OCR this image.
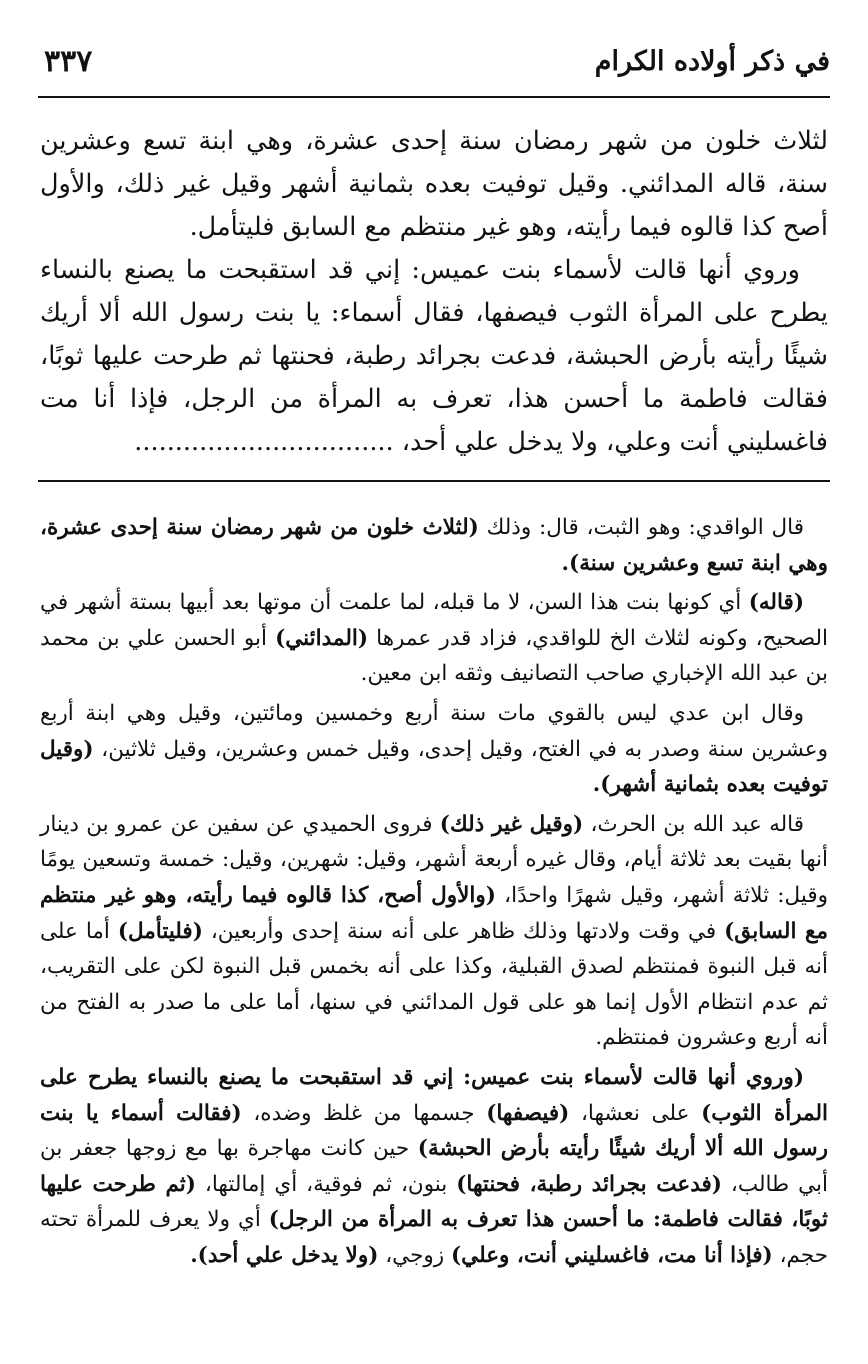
في ذكر أولاده الكرام
٣٣٧

لثلاث خلون من شهر رمضان سنة إحدى عشرة، وهي ابنة تسع وعشرين سنة، قاله المدائني. وقيل توفيت بعده بثمانية أشهر وقيل غير ذلك، والأول أصح كذا قالوه فيما رأيته، وهو غير منتظم مع السابق فليتأمل.

وروي أنها قالت لأسماء بنت عميس: إني قد استقبحت ما يصنع بالنساء يطرح على المرأة الثوب فيصفها، فقال أسماء: يا بنت رسول الله ألا أريك شيئًا رأيته بأرض الحبشة، فدعت بجرائد رطبة، فحنتها ثم طرحت عليها ثوبًا، فقالت فاطمة ما أحسن هذا، تعرف به المرأة من الرجل، فإذا أنا مت فاغسليني أنت وعلي، ولا يدخل علي أحد، ................................

قال الواقدي: وهو الثبت، قال: وذلك (لثلاث خلون من شهر رمضان سنة إحدى عشرة، وهي ابنة تسع وعشرين سنة).

(قاله) أي كونها بنت هذا السن، لا ما قبله، لما علمت أن موتها بعد أبيها بستة أشهر في الصحيح، وكونه لثلاث الخ للواقدي، فزاد قدر عمرها (المدائني) أبو الحسن علي بن محمد بن عبد الله الإخباري صاحب التصانيف وثقه ابن معين.

وقال ابن عدي ليس بالقوي مات سنة أربع وخمسين ومائتين، وقيل وهي ابنة أربع وعشرين سنة وصدر به في الغتح، وقيل إحدى، وقيل خمس وعشرين، وقيل ثلاثين، (وقيل توفيت بعده بثمانية أشهر).

قاله عبد الله بن الحرث، (وقيل غير ذلك) فروى الحميدي عن سفين عن عمرو بن دينار أنها بقيت بعد ثلاثة أيام، وقال غيره أربعة أشهر، وقيل: شهرين، وقيل: خمسة وتسعين يومًا وقيل: ثلاثة أشهر، وقيل شهرًا واحدًا، (والأول أصح، كذا قالوه فيما رأيته، وهو غير منتظم مع السابق) في وقت ولادتها وذلك ظاهر على أنه سنة إحدى وأربعين، (فليتأمل) أما على أنه قبل النبوة فمنتظم لصدق القبلية، وكذا على أنه بخمس قبل النبوة لكن على التقريب، ثم عدم انتظام الأول إنما هو على قول المدائني في سنها، أما على ما صدر به الفتح من أنه أربع وعشرون فمنتظم.

(وروي أنها قالت لأسماء بنت عميس: إني قد استقبحت ما يصنع بالنساء يطرح على المرأة الثوب) على نعشها، (فيصفها) جسمها من غلظ وضده، (فقالت أسماء يا بنت رسول الله ألا أريك شيئًا رأيته بأرض الحبشة) حين كانت مهاجرة بها مع زوجها جعفر بن أبي طالب، (فدعت بجرائد رطبة، فحنتها) بنون، ثم فوقية، أي إمالتها، (ثم طرحت عليها ثوبًا، فقالت فاطمة: ما أحسن هذا تعرف به المرأة من الرجل) أي ولا يعرف للمرأة تحته حجم، (فإذا أنا مت، فاغسليني أنت، وعلي) زوجي، (ولا يدخل علي أحد).
